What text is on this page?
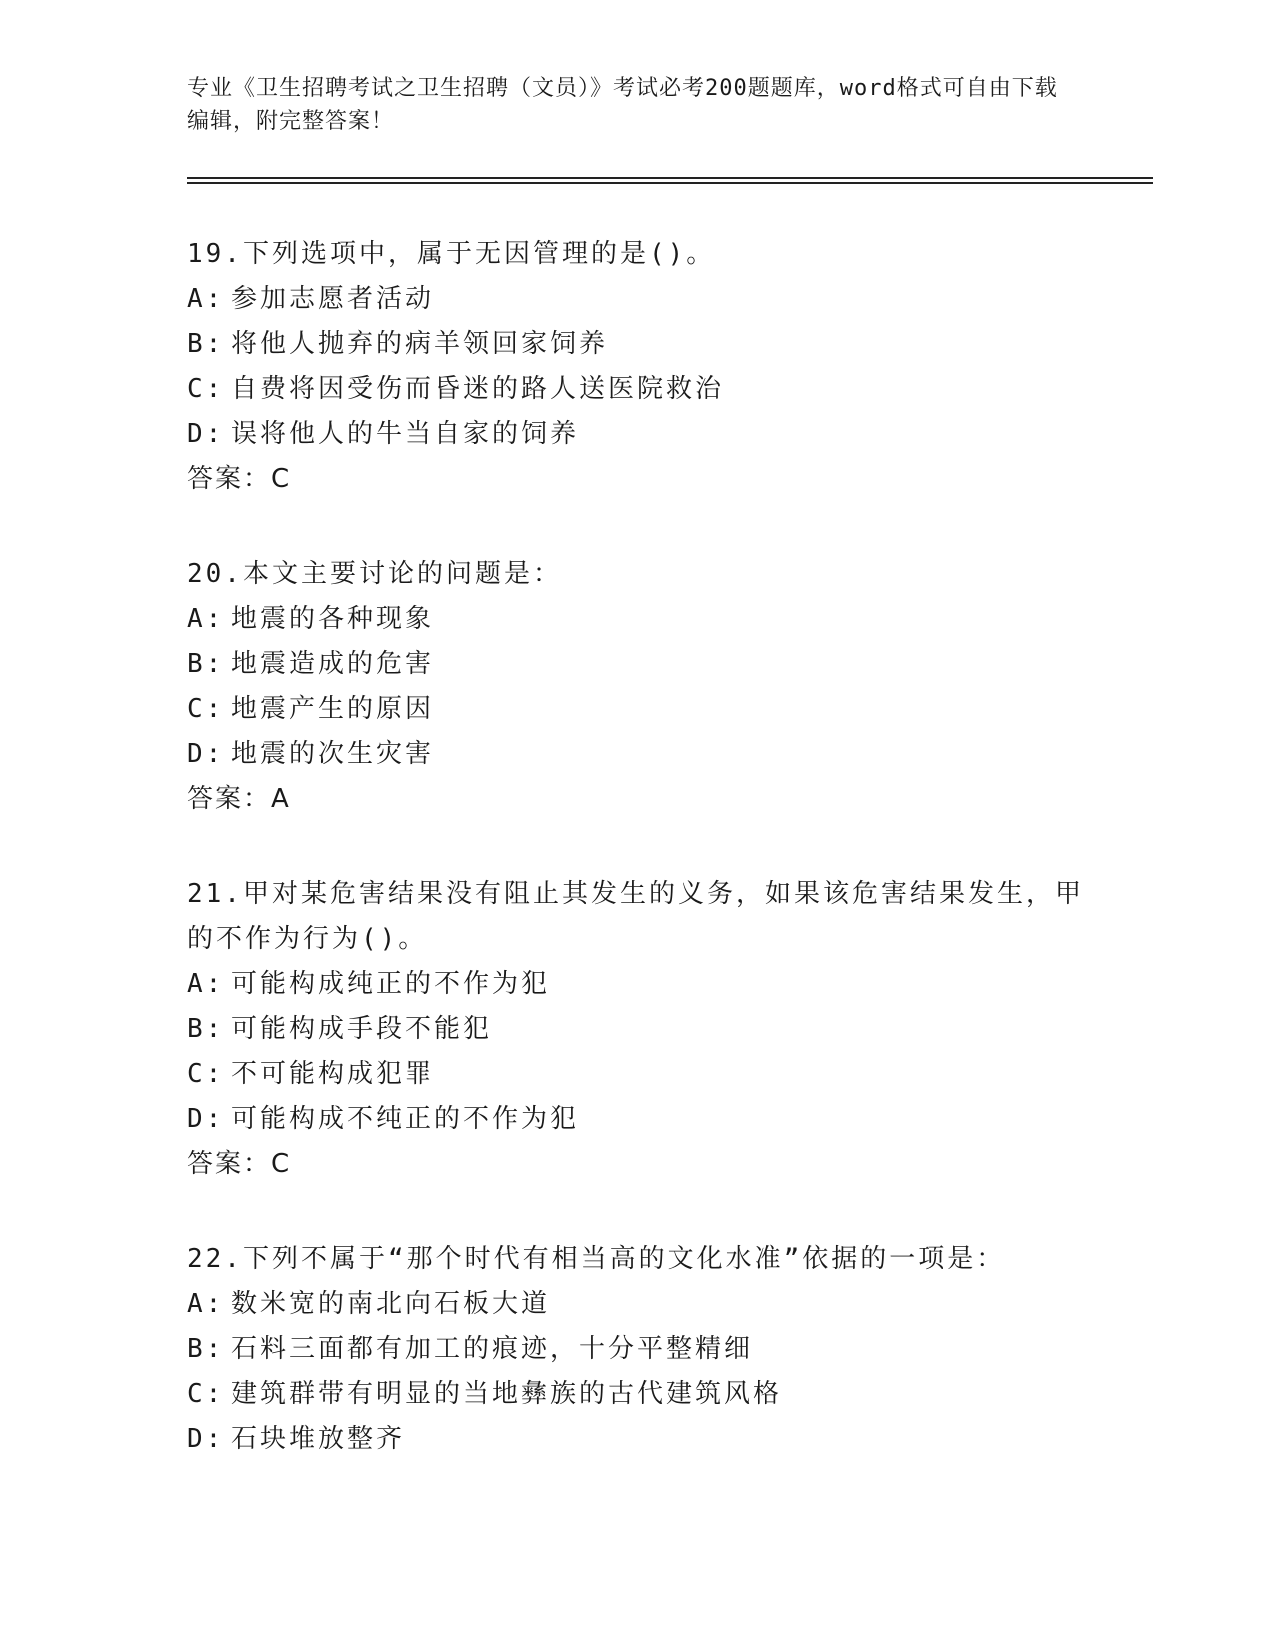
专业《卫生招聘考试之卫生招聘（文员）》考试必考200题题库，word格式可自由下载编辑，附完整答案！
19.下列选项中，属于无因管理的是()。
A: 参加志愿者活动
B: 将他人抛弃的病羊领回家饲养
C: 自费将因受伤而昏迷的路人送医院救治
D: 误将他人的牛当自家的饲养
答案：C
20.本文主要讨论的问题是：
A: 地震的各种现象
B: 地震造成的危害
C: 地震产生的原因
D: 地震的次生灾害
答案：A
21.甲对某危害结果没有阻止其发生的义务，如果该危害结果发生，甲的不作为行为()。
A: 可能构成纯正的不作为犯
B: 可能构成手段不能犯
C: 不可能构成犯罪
D: 可能构成不纯正的不作为犯
答案：C
22.下列不属于“那个时代有相当高的文化水准”依据的一项是：
A: 数米宽的南北向石板大道
B: 石料三面都有加工的痕迹，十分平整精细
C: 建筑群带有明显的当地彝族的古代建筑风格
D: 石块堆放整齐
